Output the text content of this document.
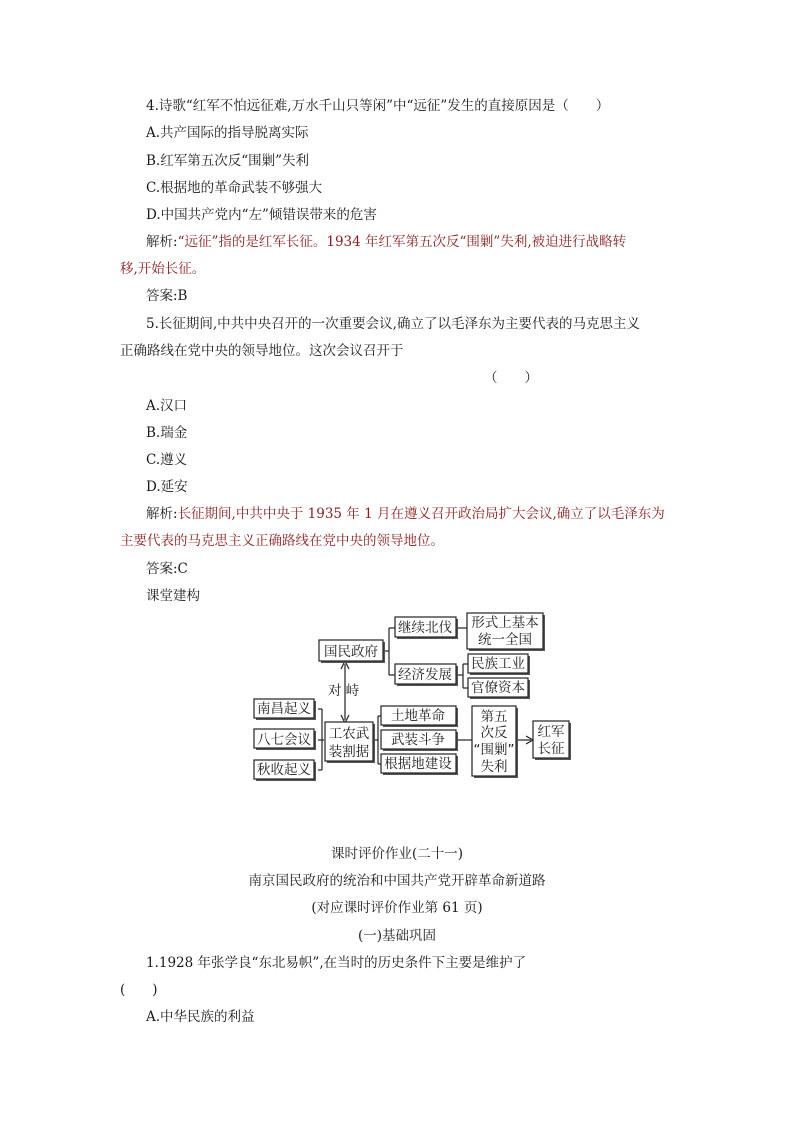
4.诗歌“红军不怕远征难,万水千山只等闲”中“远征”发生的直接原因是（　　）
A.共产国际的指导脱离实际
B.红军第五次反“围剿”失利
C.根据地的革命武装不够强大
D.中国共产党内“左”倾错误带来的危害
解析:“远征”指的是红军长征。1934 年红军第五次反“围剿”失利,被迫进行战略转
移,开始长征。
答案:B
5.长征期间,中共中央召开的一次重要会议,确立了以毛泽东为主要代表的马克思主义
正确路线在党中央的领导地位。这次会议召开于
（　　）
A.汉口
B.瑞金
C.遵义
D.延安
解析:长征期间,中共中央于 1935 年 1 月在遵义召开政治局扩大会议,确立了以毛泽东为
主要代表的马克思主义正确路线在党中央的领导地位。
答案:C
课堂建构
国民政府
继续北伐 形式上基本
统一全国
经济发展
民族工业
官僚资本
对 峙
南昌起义
八七会议
秋收起义
工农武
装割据
土地革命
武装斗争
根据地建设
第五
次反
“围剿”
失利
红军
长征
课时评价作业(二十一)
南京国民政府的统治和中国共产党开辟革命新道路
(对应课时评价作业第 61 页)
(一)基础巩固
1.1928 年张学良“东北易帜”,在当时的历史条件下主要是维护了
(　　)
A.中华民族的利益
